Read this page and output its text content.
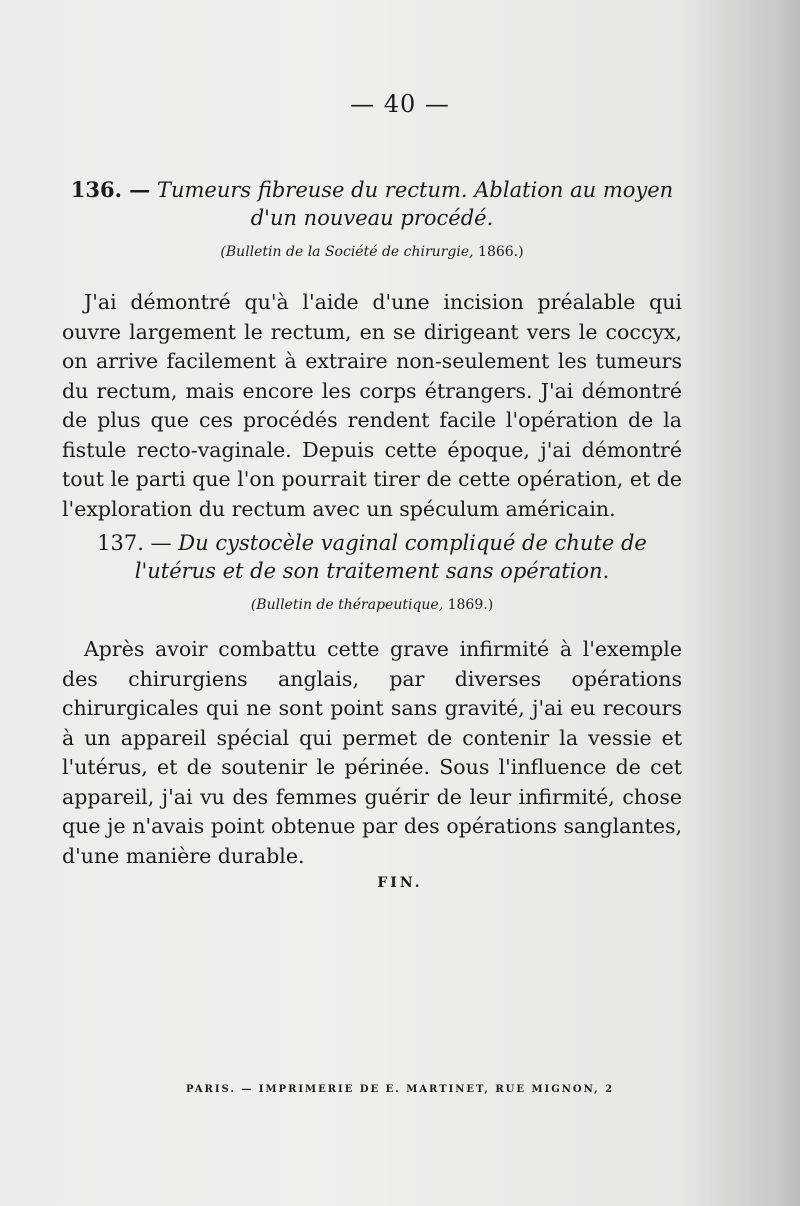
— 40 —

136. — Tumeurs fibreuse du rectum. Ablation au moyen d'un nouveau procédé.

(Bulletin de la Société de chirurgie, 1866.)

J'ai démontré qu'à l'aide d'une incision préalable qui ouvre largement le rectum, en se dirigeant vers le coccyx, on arrive facilement à extraire non-seulement les tumeurs du rectum, mais encore les corps étrangers. J'ai démontré de plus que ces procédés rendent facile l'opération de la fistule recto-vaginale. Depuis cette époque, j'ai démontré tout le parti que l'on pourrait tirer de cette opération, et de l'exploration du rectum avec un spéculum américain.

137. — Du cystocèle vaginal compliqué de chute de l'utérus et de son traitement sans opération.

(Bulletin de thérapeutique, 1869.)

Après avoir combattu cette grave infirmité à l'exemple des chirurgiens anglais, par diverses opérations chirurgicales qui ne sont point sans gravité, j'ai eu recours à un appareil spécial qui permet de contenir la vessie et l'utérus, et de soutenir le périnée. Sous l'influence de cet appareil, j'ai vu des femmes guérir de leur infirmité, chose que je n'avais point obtenue par des opérations sanglantes, d'une manière durable.

FIN.
PARIS. — IMPRIMERIE DE E. MARTINET, RUE MIGNON, 2
